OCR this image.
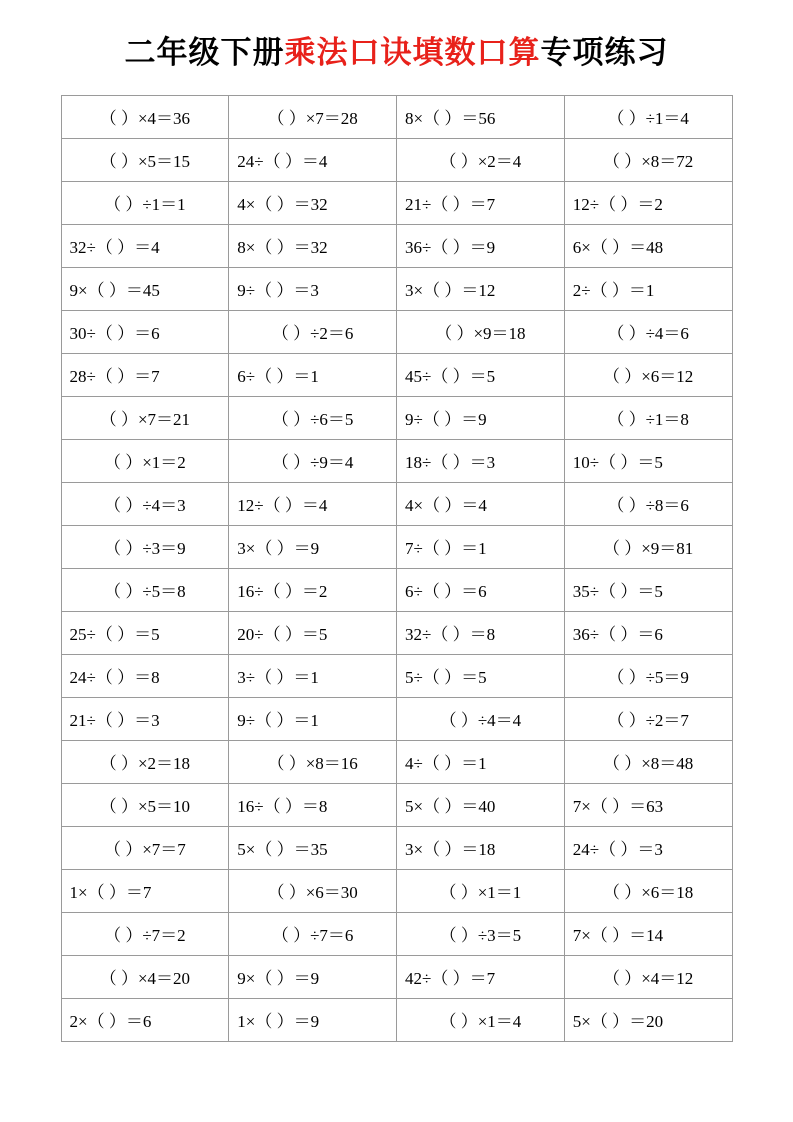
二年级下册乘法口诀填数口算专项练习
（ ）×4＝36	（ ）×7＝28	8×（ ）＝56	（ ）÷1＝4
（ ）×5＝15	24÷（ ）＝4	（ ）×2＝4	（ ）×8＝72
（ ）÷1＝1	4×（ ）＝32	21÷（ ）＝7	12÷（ ）＝2
32÷（ ）＝4	8×（ ）＝32	36÷（ ）＝9	6×（ ）＝48
9×（ ）＝45	9÷（ ）＝3	3×（ ）＝12	2÷（ ）＝1
30÷（ ）＝6	（ ）÷2＝6	（ ）×9＝18	（ ）÷4＝6
28÷（ ）＝7	6÷（ ）＝1	45÷（ ）＝5	（ ）×6＝12
（ ）×7＝21	（ ）÷6＝5	9÷（ ）＝9	（ ）÷1＝8
（ ）×1＝2	（ ）÷9＝4	18÷（ ）＝3	10÷（ ）＝5
（ ）÷4＝3	12÷（ ）＝4	4×（ ）＝4	（ ）÷8＝6
（ ）÷3＝9	3×（ ）＝9	7÷（ ）＝1	（ ）×9＝81
（ ）÷5＝8	16÷（ ）＝2	6÷（ ）＝6	35÷（ ）＝5
25÷（ ）＝5	20÷（ ）＝5	32÷（ ）＝8	36÷（ ）＝6
24÷（ ）＝8	3÷（ ）＝1	5÷（ ）＝5	（ ）÷5＝9
21÷（ ）＝3	9÷（ ）＝1	（ ）÷4＝4	（ ）÷2＝7
（ ）×2＝18	（ ）×8＝16	4÷（ ）＝1	（ ）×8＝48
（ ）×5＝10	16÷（ ）＝8	5×（ ）＝40	7×（ ）＝63
（ ）×7＝7	5×（ ）＝35	3×（ ）＝18	24÷（ ）＝3
1×（ ）＝7	（ ）×6＝30	（ ）×1＝1	（ ）×6＝18
（ ）÷7＝2	（ ）÷7＝6	（ ）÷3＝5	7×（ ）＝14
（ ）×4＝20	9×（ ）＝9	42÷（ ）＝7	（ ）×4＝12
2×（ ）＝6	1×（ ）＝9	（ ）×1＝4	5×（ ）＝20
